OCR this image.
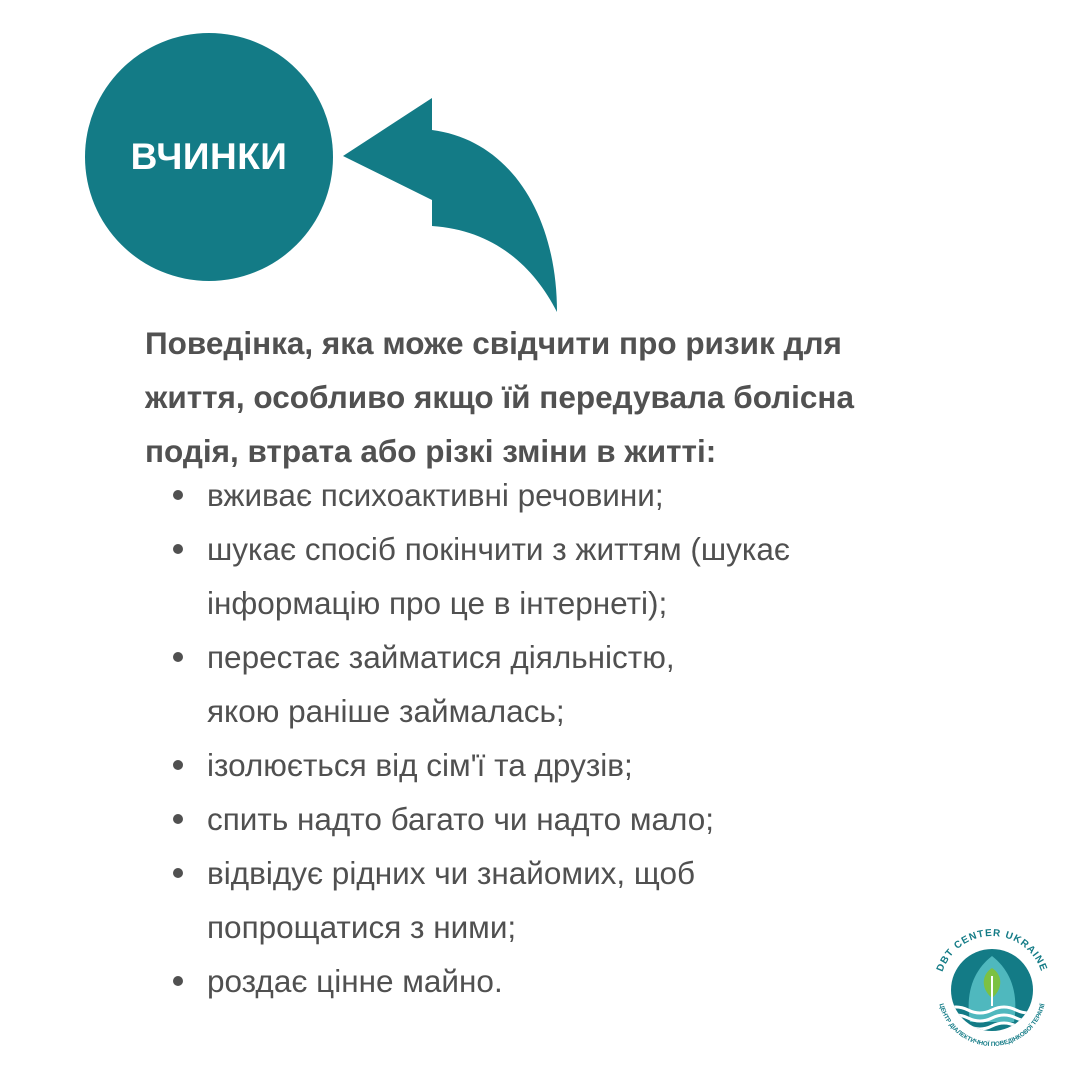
ВЧИНКИ

Поведінка, яка може свідчити про ризик для
життя, особливо якщо їй передувала болісна
подія, втрата або різкі зміни в житті:

вживає психоактивні речовини;
шукає спосіб покінчити з життям (шукає
інформацію про це в інтернеті);
перестає займатися діяльністю,
якою раніше займалась;
ізолюється від сім'ї та друзів;
спить надто багато чи надто мало;
відвідує рідних чи знайомих, щоб
попрощатися з ними;
роздає цінне майно.	DBT CENTER UKRAINE
ЦЕНТР ДІАЛЕКТИЧНОЇ ПОВЕДІНКОВОЇ ТЕРАПІЇ
